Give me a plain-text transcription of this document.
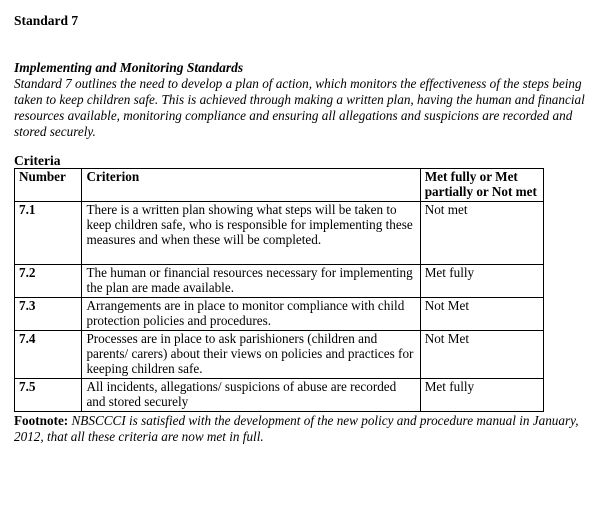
Standard 7
Implementing and Monitoring Standards

Standard 7 outlines the need to develop a plan of action, which monitors the effectiveness of the steps being taken to keep children safe. This is achieved through making a written plan, having the human and financial resources available, monitoring compliance and ensuring all allegations and suspicions are recorded and stored securely.

Criteria
Number	Criterion	Met fully or Met partially or Not met
7.1	There is a written plan showing what steps will be taken to keep children safe, who is responsible for implementing these measures and when these will be completed.	Not met
7.2	The human or financial resources necessary for implementing the plan are made available.	Met fully
7.3	Arrangements are in place to monitor compliance with child protection policies and procedures.	Not Met
7.4	Processes are in place to ask parishioners (children and parents/ carers) about their views on policies and practices for keeping children safe.	Not Met
7.5	All incidents, allegations/ suspicions of abuse are recorded and stored securely	Met fully
Footnote: NBSCCCI is satisfied with the development of the new policy and procedure manual in January, 2012, that all these criteria are now met in full.
